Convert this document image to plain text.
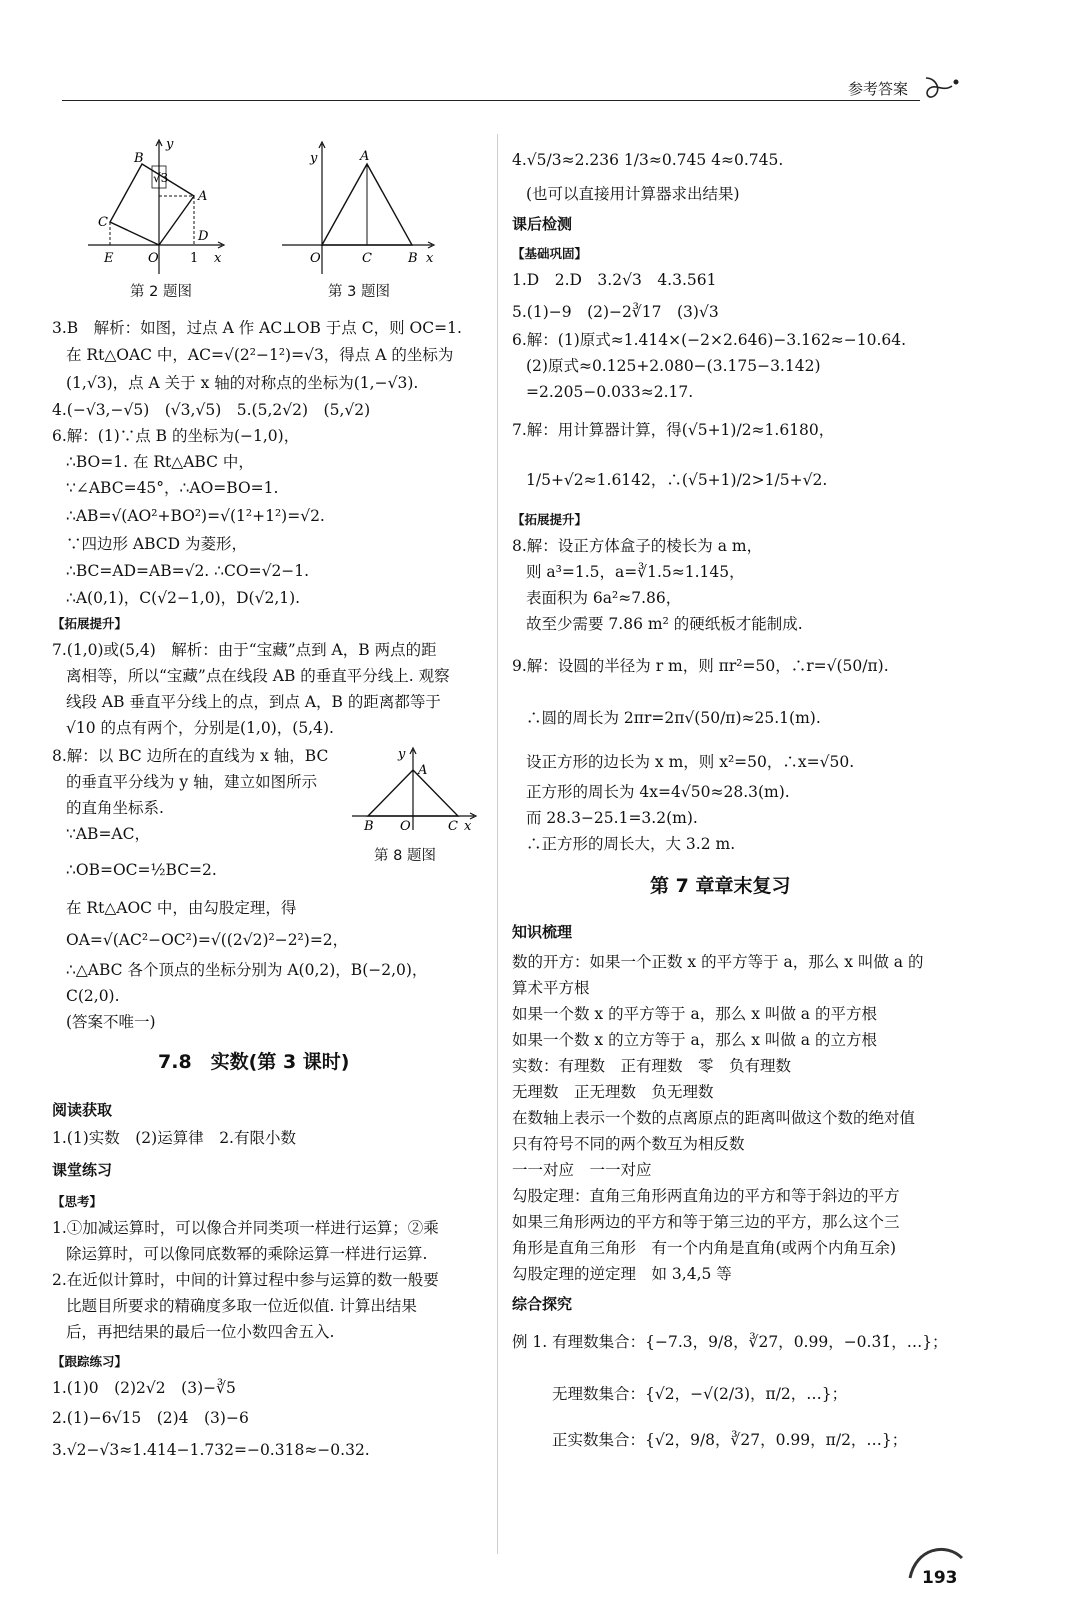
参考答案
B
A
C
D
E	O 1 x
y
√3
第 2 题图
y	A
O	C	B x
第 3 题图
3.B　解析：如图，过点 A 作 AC⊥OB 于点 C，则 OC=1.
在 Rt△OAC 中，AC=√(2²−1²)=√3，得点 A 的坐标为
(1,√3)，点 A 关于 x 轴的对称点的坐标为(1,−√3).
4.(−√3,−√5)　(√3,√5)　5.(5,2√2)　(5,√2)
6.解：(1)∵点 B 的坐标为(−1,0)，
∴BO=1. 在 Rt△ABC 中，
∵∠ABC=45°，∴AO=BO=1.
∴AB=√(AO²+BO²)=√(1²+1²)=√2.
∵四边形 ABCD 为菱形，
∴BC=AD=AB=√2. ∴CO=√2−1.
∴A(0,1)，C(√2−1,0)，D(√2,1).
【拓展提升】
7.(1,0)或(5,4)　解析：由于“宝藏”点到 A，B 两点的距
离相等，所以“宝藏”点在线段 AB 的垂直平分线上. 观察
线段 AB 垂直平分线上的点，到点 A，B 的距离都等于
√10 的点有两个，分别是(1,0)，(5,4).
8.解：以 BC 边所在的直线为 x 轴，BC
的垂直平分线为 y 轴，建立如图所示
的直角坐标系.
∵AB=AC，
∴OB=OC=½BC=2.
在 Rt△AOC 中，由勾股定理，得
OA=√(AC²−OC²)=√((2√2)²−2²)=2，
∴△ABC 各个顶点的坐标分别为 A(0,2)，B(−2,0)，
C(2,0).
(答案不唯一)
y
A
B O	C x
第 8 题图
7.8　实数(第 3 课时)
阅读获取
1.(1)实数　(2)运算律　2.有限小数
课堂练习
【思考】
1.①加减运算时，可以像合并同类项一样进行运算；②乘
除运算时，可以像同底数幂的乘除运算一样进行运算.
2.在近似计算时，中间的计算过程中参与运算的数一般要
比题目所要求的精确度多取一位近似值. 计算出结果
后，再把结果的最后一位小数四舍五入.
【跟踪练习】
1.(1)0　(2)2√2　(3)−∛5
2.(1)−6√15　(2)4　(3)−6
3.√2−√3≈1.414−1.732=−0.318≈−0.32.
4.√5/3≈2.236 1/3≈0.745 4≈0.745.
(也可以直接用计算器求出结果)
课后检测
【基础巩固】
1.D　2.D　3.2√3　4.3.561
5.(1)−9　(2)−2∛17　(3)√3
6.解：(1)原式≈1.414×(−2×2.646)−3.162≈−10.64.
(2)原式≈0.125+2.080−(3.175−3.142)
=2.205−0.033≈2.17.
7.解：用计算器计算，得(√5+1)/2≈1.6180，
1/5+√2≈1.6142，∴(√5+1)/2>1/5+√2.
【拓展提升】
8.解：设正方体盒子的棱长为 a m，
则 a³=1.5，a=∛1.5≈1.145，
表面积为 6a²≈7.86，
故至少需要 7.86 m² 的硬纸板才能制成.
9.解：设圆的半径为 r m，则 πr²=50，∴r=√(50/π).
∴圆的周长为 2πr=2π√(50/π)≈25.1(m).
设正方形的边长为 x m，则 x²=50，∴x=√50.
正方形的周长为 4x=4√50≈28.3(m).
而 28.3−25.1=3.2(m).
∴正方形的周长大，大 3.2 m.
第 7 章章末复习
知识梳理
数的开方：如果一个正数 x 的平方等于 a，那么 x 叫做 a 的
算术平方根
如果一个数 x 的平方等于 a，那么 x 叫做 a 的平方根
如果一个数 x 的立方等于 a，那么 x 叫做 a 的立方根
实数：有理数　正有理数　零　负有理数
无理数　正无理数　负无理数
在数轴上表示一个数的点离原点的距离叫做这个数的绝对值
只有符号不同的两个数互为相反数
一一对应　一一对应
勾股定理：直角三角形两直角边的平方和等于斜边的平方
如果三角形两边的平方和等于第三边的平方，那么这个三
角形是直角三角形　有一个内角是直角(或两个内角互余)
勾股定理的逆定理　如 3,4,5 等
综合探究
例 1. 有理数集合：{−7.3，9/8，∛27，0.99，−0.3̇1̇，…}；
无理数集合：{√2，−√(2/3)，π/2，…}；
正实数集合：{√2，9/8，∛27，0.99，π/2，…}；
193
